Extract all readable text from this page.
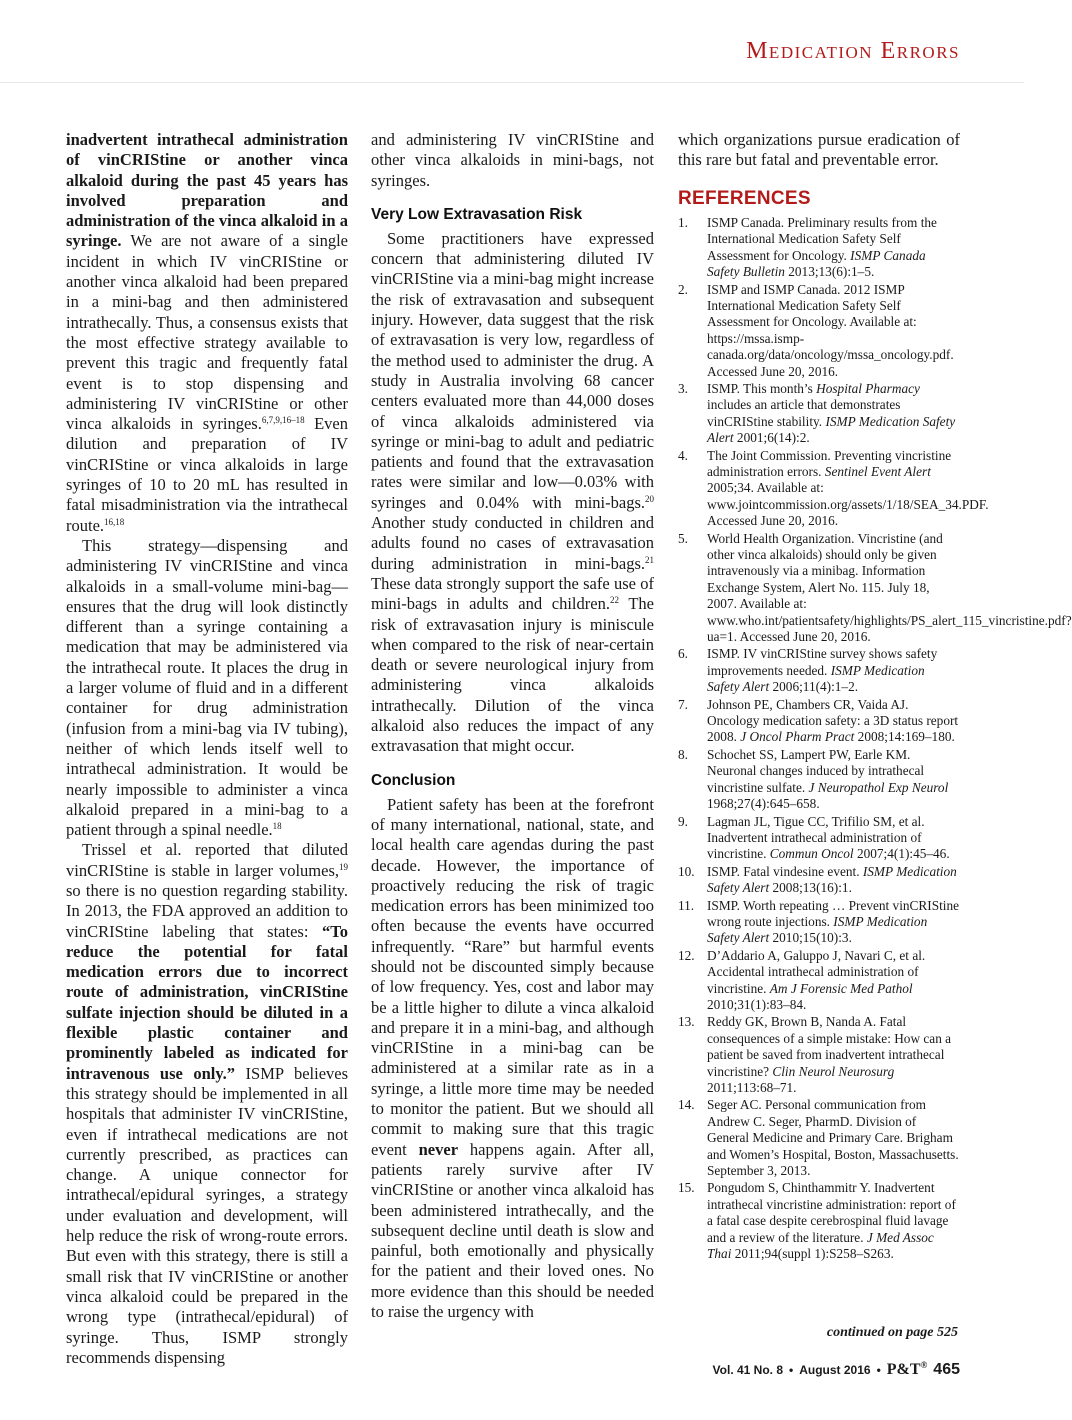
Medication Errors

inadvertent intrathecal administration of vinCRIStine or another vinca alkaloid during the past 45 years has involved preparation and administration of the vinca alkaloid in a syringe. We are not aware of a single incident in which IV vinCRIStine or another vinca alkaloid had been prepared in a mini-bag and then administered intrathecally. Thus, a consensus exists that the most effective strategy available to prevent this tragic and frequently fatal event is to stop dispensing and administering IV vinCRIStine or other vinca alkaloids in syringes.$^{6,7,9,16-18}$ Even dilution and preparation of IV vinCRIStine or vinca alkaloids in large syringes of 10 to 20 mL has resulted in fatal misadministration via the intrathecal route.$^{16,18}$

This strategy—dispensing and administering IV vinCRIStine and vinca alkaloids in a small-volume mini-bag—ensures that the drug will look distinctly different than a syringe containing a medication that may be administered via the intrathecal route. It places the drug in a larger volume of fluid and in a different container for drug administration (infusion from a mini-bag via IV tubing), neither of which lends itself well to intrathecal administration. It would be nearly impossible to administer a vinca alkaloid prepared in a mini-bag to a patient through a spinal needle.$^{18}$

Trissel et al. reported that diluted vinCRIStine is stable in larger volumes,$^{19}$ so there is no question regarding stability. In 2013, the FDA approved an addition to vinCRIStine labeling that states: “To reduce the potential for fatal medication errors due to incorrect route of administration, vinCRIStine sulfate injection should be diluted in a flexible plastic container and prominently labeled as indicated for intravenous use only.” ISMP believes this strategy should be implemented in all hospitals that administer IV vinCRIStine, even if intrathecal medications are not currently prescribed, as practices can change. A unique connector for intrathecal/epidural syringes, a strategy under evaluation and development, will help reduce the risk of wrong-route errors. But even with this strategy, there is still a small risk that IV vinCRIStine or another vinca alkaloid could be prepared in the wrong type (intrathecal/epidural) of syringe. Thus, ISMP strongly recommends dispensing

and administering IV vinCRIStine and other vinca alkaloids in mini-bags, not syringes.

Very Low Extravasation Risk

Some practitioners have expressed concern that administering diluted IV vinCRIStine via a mini-bag might increase the risk of extravasation and subsequent injury. However, data suggest that the risk of extravasation is very low, regardless of the method used to administer the drug. A study in Australia involving 68 cancer centers evaluated more than 44,000 doses of vinca alkaloids administered via syringe or mini-bag to adult and pediatric patients and found that the extravasation rates were similar and low—0.03% with syringes and 0.04% with mini-bags.$^{20}$ Another study conducted in children and adults found no cases of extravasation during administration in mini-bags.$^{21}$ These data strongly support the safe use of mini-bags in adults and children.$^{22}$ The risk of extravasation injury is miniscule when compared to the risk of near-certain death or severe neurological injury from administering vinca alkaloids intrathecally. Dilution of the vinca alkaloid also reduces the impact of any extravasation that might occur.

Conclusion

Patient safety has been at the forefront of many international, national, state, and local health care agendas during the past decade. However, the importance of proactively reducing the risk of tragic medication errors has been minimized too often because the events have occurred infrequently. “Rare” but harmful events should not be discounted simply because of low frequency. Yes, cost and labor may be a little higher to dilute a vinca alkaloid and prepare it in a mini-bag, and although vinCRIStine in a mini-bag can be administered at a similar rate as in a syringe, a little more time may be needed to monitor the patient. But we should all commit to making sure that this tragic event never happens again. After all, patients rarely survive after IV vinCRIStine or another vinca alkaloid has been administered intrathecally, and the subsequent decline until death is slow and painful, both emotionally and physically for the patient and their loved ones. No more evidence than this should be needed to raise the urgency with

which organizations pursue eradication of this rare but fatal and preventable error.

REFERENCES
1. ISMP Canada. Preliminary results from the International Medication Safety Self Assessment for Oncology. ISMP Canada Safety Bulletin 2013;13(6):1–5.
2. ISMP and ISMP Canada. 2012 ISMP International Medication Safety Self Assessment for Oncology. Available at: https://mssa.ismp-canada.org/data/oncology/mssa_oncology.pdf. Accessed June 20, 2016.
3. ISMP. This month’s Hospital Pharmacy includes an article that demonstrates vinCRIStine stability. ISMP Medication Safety Alert 2001;6(14):2.
4. The Joint Commission. Preventing vincristine administration errors. Sentinel Event Alert 2005;34. Available at: www.jointcommission.org/assets/1/18/SEA_34.PDF. Accessed June 20, 2016.
5. World Health Organization. Vincristine (and other vinca alkaloids) should only be given intravenously via a minibag. Information Exchange System, Alert No. 115. July 18, 2007. Available at: www.who.int/patientsafety/highlights/PS_alert_115_vincristine.pdf?ua=1. Accessed June 20, 2016.
6. ISMP. IV vinCRIStine survey shows safety improvements needed. ISMP Medication Safety Alert 2006;11(4):1–2.
7. Johnson PE, Chambers CR, Vaida AJ. Oncology medication safety: a 3D status report 2008. J Oncol Pharm Pract 2008;14:169–180.
8. Schochet SS, Lampert PW, Earle KM. Neuronal changes induced by intrathecal vincristine sulfate. J Neuropathol Exp Neurol 1968;27(4):645–658.
9. Lagman JL, Tigue CC, Trifilio SM, et al. Inadvertent intrathecal administration of vincristine. Commun Oncol 2007;4(1):45–46.
10. ISMP. Fatal vindesine event. ISMP Medication Safety Alert 2008;13(16):1.
11. ISMP. Worth repeating … Prevent vinCRIStine wrong route injections. ISMP Medication Safety Alert 2010;15(10):3.
12. D’Addario A, Galuppo J, Navari C, et al. Accidental intrathecal administration of vincristine. Am J Forensic Med Pathol 2010;31(1):83–84.
13. Reddy GK, Brown B, Nanda A. Fatal consequences of a simple mistake: How can a patient be saved from inadvertent intrathecal vincristine? Clin Neurol Neurosurg 2011;113:68–71.
14. Seger AC. Personal communication from Andrew C. Seger, PharmD. Division of General Medicine and Primary Care. Brigham and Women’s Hospital, Boston, Massachusetts. September 3, 2013.
15. Pongudom S, Chinthammitr Y. Inadvertent intrathecal vincristine administration: report of a fatal case despite cerebrospinal fluid lavage and a review of the literature. J Med Assoc Thai 2011;94(suppl 1):S258–S263.
continued on page 525
Vol. 41 No. 8 • August 2016 • P&T® 465
